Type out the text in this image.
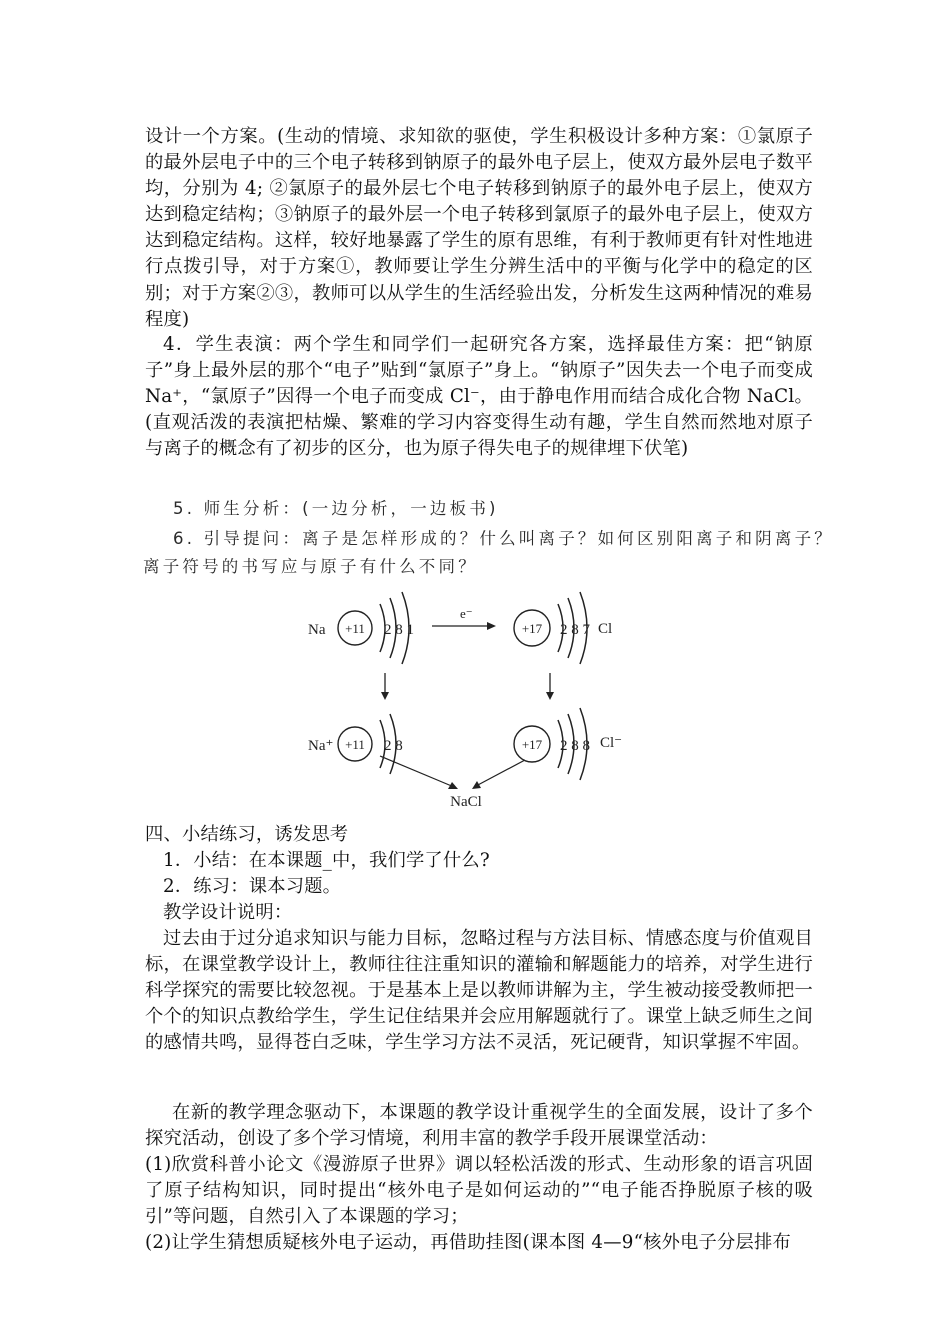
设计一个方案。(生动的情境、求知欲的驱使，学生积极设计多种方案：①氯原子的最外层电子中的三个电子转移到钠原子的最外电子层上，使双方最外层电子数平均，分别为 4; ②氯原子的最外层七个电子转移到钠原子的最外电子层上，使双方达到稳定结构；③钠原子的最外层一个电子转移到氯原子的最外电子层上，使双方达到稳定结构。这样，较好地暴露了学生的原有思维，有利于教师更有针对性地进行点拨引导，对于方案①，教师要让学生分辨生活中的平衡与化学中的稳定的区别；对于方案②③，教师可以从学生的生活经验出发，分析发生这两种情况的难易程度)

4．学生表演：两个学生和同学们一起研究各方案，选择最佳方案：把“钠原子”身上最外层的那个“电子”贴到“氯原子”身上。“钠原子”因失去一个电子而变成 Na⁺，“氯原子”因得一个电子而变成 Cl⁻，由于静电作用而结合成化合物 NaCl。(直观活泼的表演把枯燥、繁难的学习内容变得生动有趣，学生自然而然地对原子与离子的概念有了初步的区分，也为原子得失电子的规律埋下伏笔)

5. 师生分析：(一边分析，一边板书)
6. 引导提问：离子是怎样形成的？什么叫离子？如何区别阳离子和阴离子？
离子符号的书写应与原子有什么不同？
Na +11 2 8 1
e⁻
+17 2 8 7 Cl
Na⁺ +11 2 8	+17 2 8 8 Cl⁻
NaCl

四、小结练习，诱发思考

1．小结：在本课题_中，我们学了什么?

2．练习：课本习题。

教学设计说明：

过去由于过分追求知识与能力目标，忽略过程与方法目标、情感态度与价值观目标，在课堂教学设计上，教师往往注重知识的灌输和解题能力的培养，对学生进行科学探究的需要比较忽视。于是基本上是以教师讲解为主，学生被动接受教师把一个个的知识点教给学生，学生记住结果并会应用解题就行了。课堂上缺乏师生之间的感情共鸣，显得苍白乏味，学生学习方法不灵活，死记硬背，知识掌握不牢固。

在新的教学理念驱动下，本课题的教学设计重视学生的全面发展，设计了多个探究活动，创设了多个学习情境，利用丰富的教学手段开展课堂活动：

(1)欣赏科普小论文《漫游原子世界》调以轻松活泼的形式、生动形象的语言巩固了原子结构知识，同时提出“核外电子是如何运动的”“电子能否挣脱原子核的吸引”等问题，自然引入了本课题的学习；

(2)让学生猜想质疑核外电子运动，再借助挂图(课本图 4—9“核外电子分层排布
